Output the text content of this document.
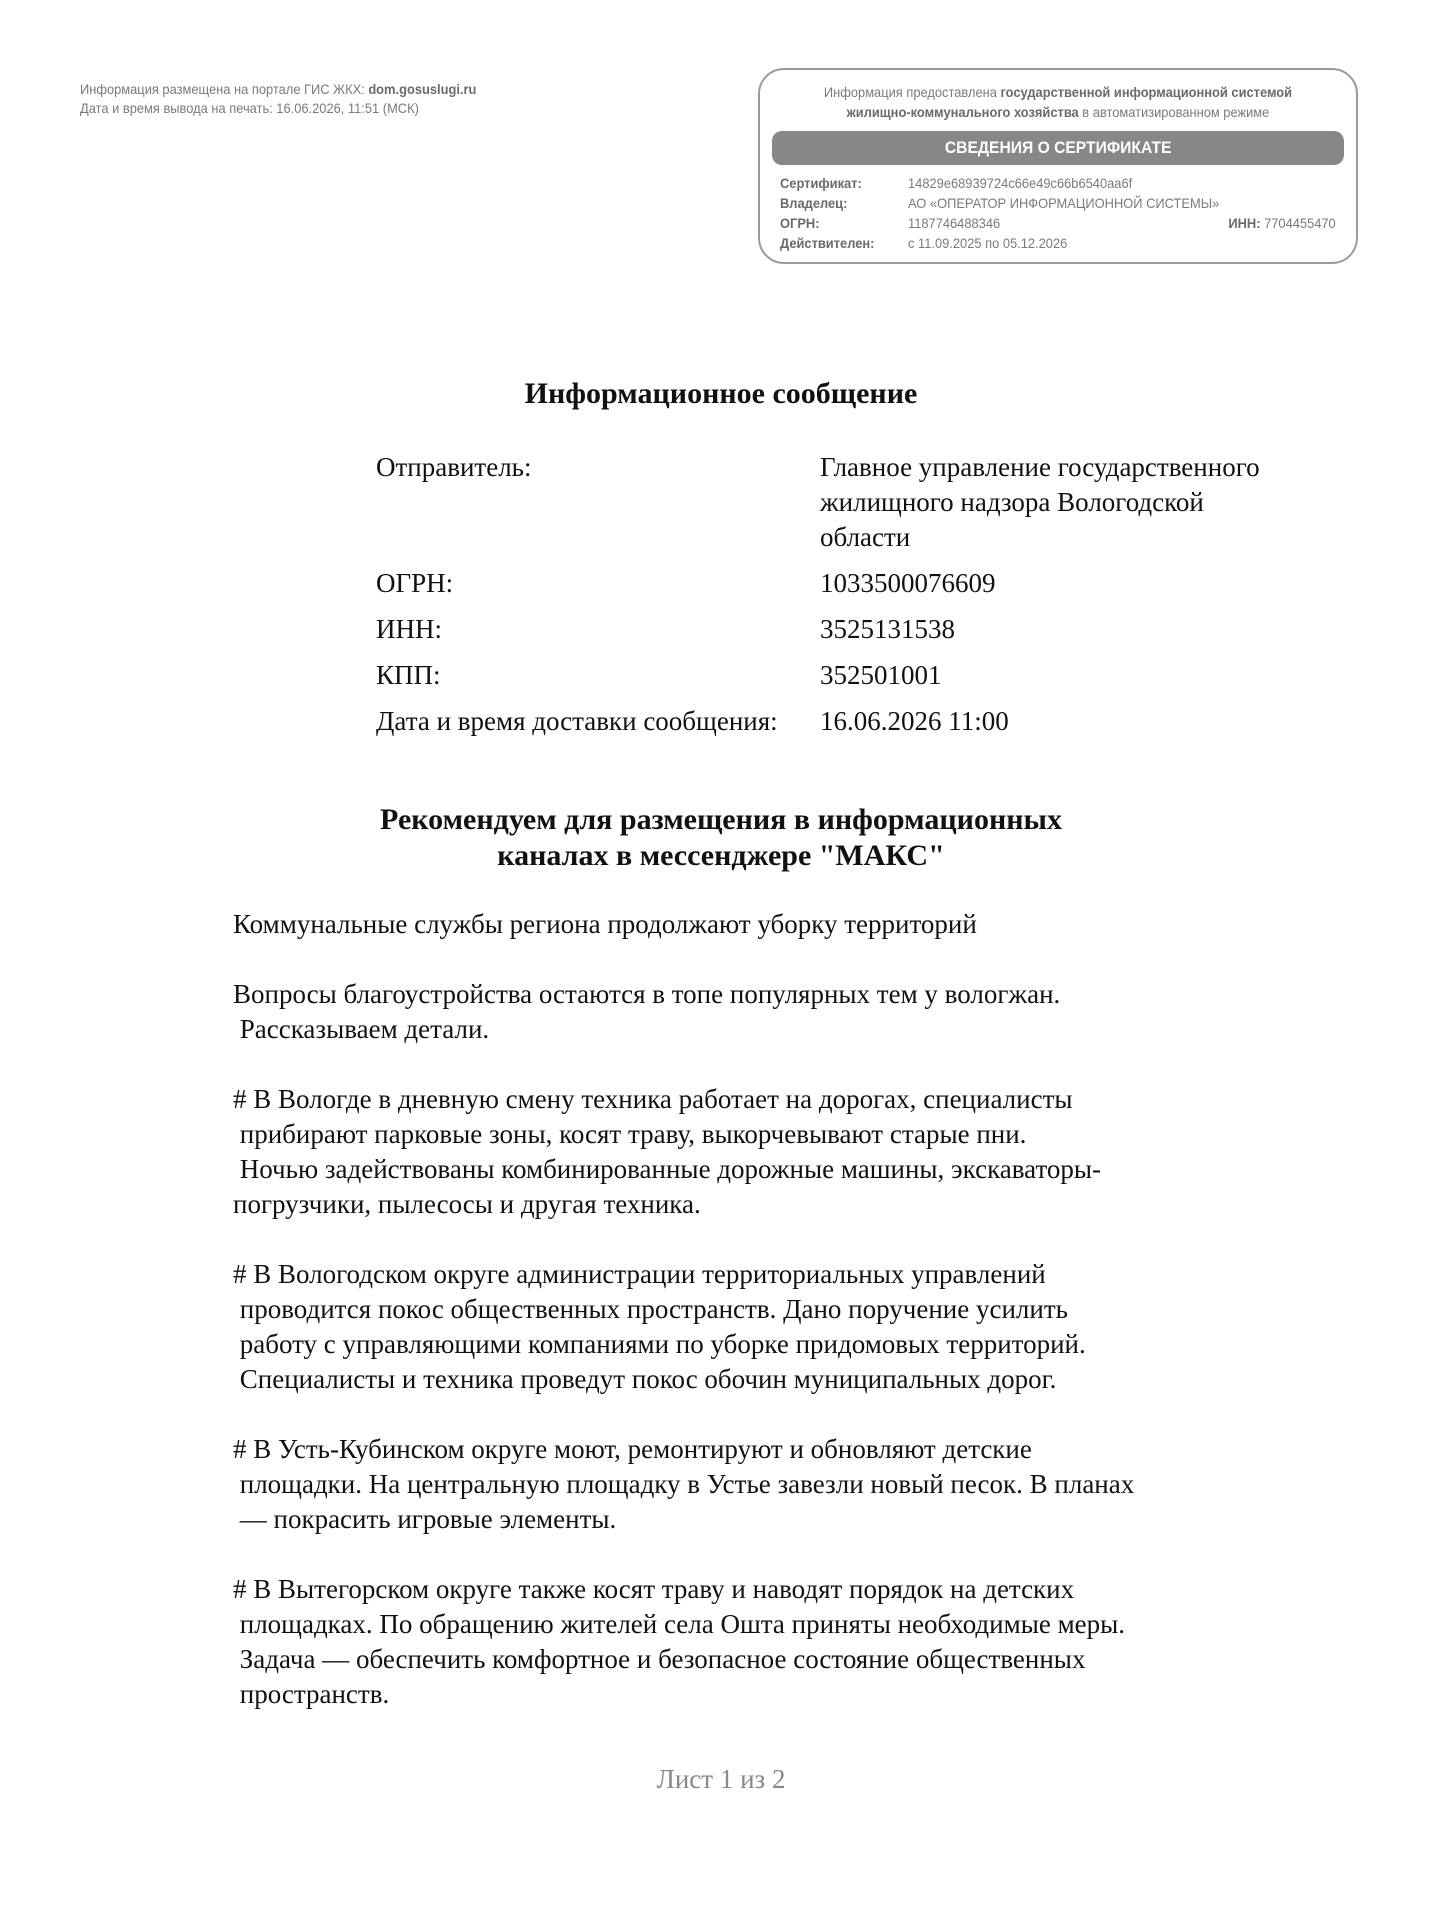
Информация размещена на портале ГИС ЖКХ: dom.gosuslugi.ru
Дата и время вывода на печать: 16.06.2026, 11:51 (МСК)
Информация предоставлена государственной информационной системой
жилищно-коммунального хозяйства в автоматизированном режиме
СВЕДЕНИЯ О СЕРТИФИКАТЕ
Сертификат:	14829e68939724c66e49c66b6540aa6f
Владелец:	АО «ОПЕРАТОР ИНФОРМАЦИОННОЙ СИСТЕМЫ»
ОГРН:	1187746488346	ИНН: 7704455470
Действителен: с 11.09.2025 по 05.12.2026
Информационное сообщение
Отправитель:	Главное управление государственного жилищного надзора Вологодской области
ОГРН:	1033500076609
ИНН:	3525131538
КПП:	352501001
Дата и время доставки сообщения:	16.06.2026 11:00
Рекомендуем для размещения в информационных
каналах в мессенджере "МАКС"
Коммунальные службы региона продолжают уборку территорий

Вопросы благоустройства остаются в топе популярных тем у вологжан.
Рассказываем детали.

# В Вологде в дневную смену техника работает на дорогах, специалисты
прибирают парковые зоны, косят траву, выкорчевывают старые пни.
Ночью задействованы комбинированные дорожные машины, экскаваторы-
погрузчики, пылесосы и другая техника.

# В Вологодском округе администрации территориальных управлений
проводится покос общественных пространств. Дано поручение усилить
работу с управляющими компаниями по уборке придомовых территорий.
Специалисты и техника проведут покос обочин муниципальных дорог.

# В Усть-Кубинском округе моют, ремонтируют и обновляют детские
площадки. На центральную площадку в Устье завезли новый песок. В планах
— покрасить игровые элементы.

# В Вытегорском округе также косят траву и наводят порядок на детских
площадках. По обращению жителей села Ошта приняты необходимые меры.
Задача — обеспечить комфортное и безопасное состояние общественных
пространств.
Лист 1 из 2
